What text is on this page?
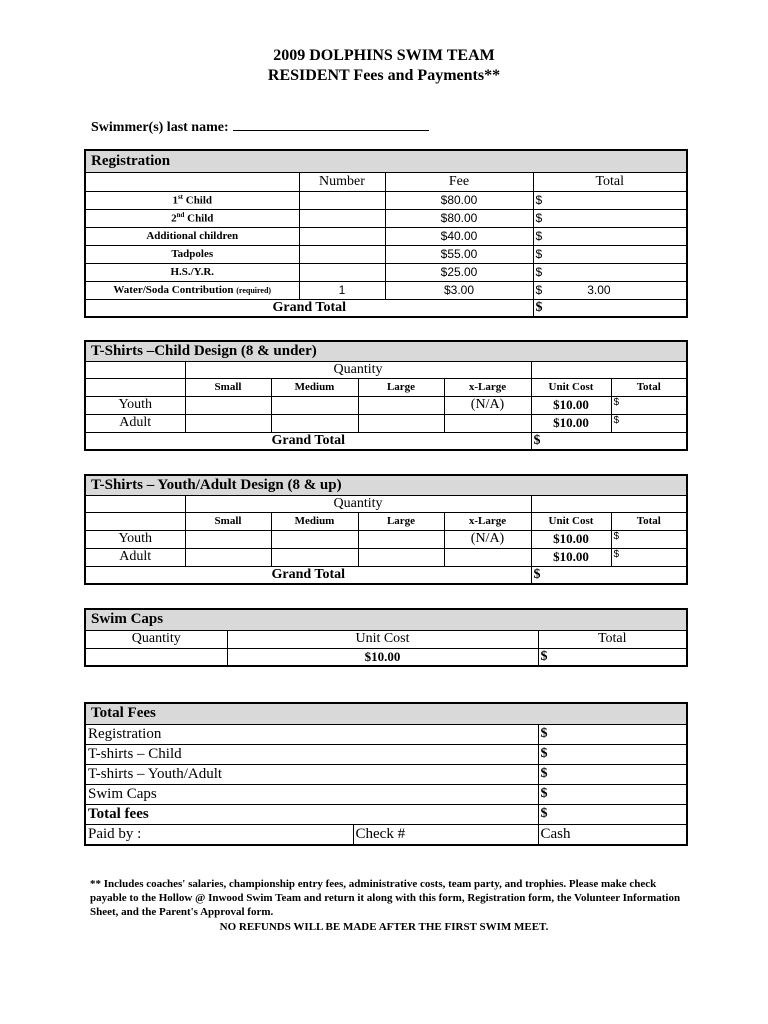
2009 DOLPHINS SWIM TEAM
RESIDENT Fees and Payments**
Swimmer(s) last name:
Registration			
	Number	Fee	Total
1st Child		$80.00	$
2nd Child		$80.00	$
Additional children		$40.00	$
Tadpoles		$55.00	$
H.S./Y.R.		$25.00	$
Water/Soda Contribution (required)	1	$3.00	$ 3.00
Grand Total			$
T-Shirts –Child Design (8 & under)						
	Quantity					
	Small	Medium	Large	x-Large	Unit Cost	Total
Youth				(N/A)	$10.00	$
Adult					$10.00	$
Grand Total					$	
T-Shirts – Youth/Adult Design (8 & up)						
	Quantity					
	Small	Medium	Large	x-Large	Unit Cost	Total
Youth				(N/A)	$10.00	$
Adult					$10.00	$
Grand Total					$	
Swim Caps		
Quantity	Unit Cost	Total
	$10.00	$
Total Fees		
Registration		$
T-shirts – Child		$
T-shirts – Youth/Adult		$
Swim Caps		$
Total fees		$
Paid by :	Check #	Cash
** Includes coaches' salaries, championship entry fees, administrative costs, team party, and trophies. Please make check payable to the Hollow @ Inwood Swim Team and return it along with this form, Registration form, the Volunteer Information Sheet, and the Parent's Approval form.
NO REFUNDS WILL BE MADE AFTER THE FIRST SWIM MEET.
